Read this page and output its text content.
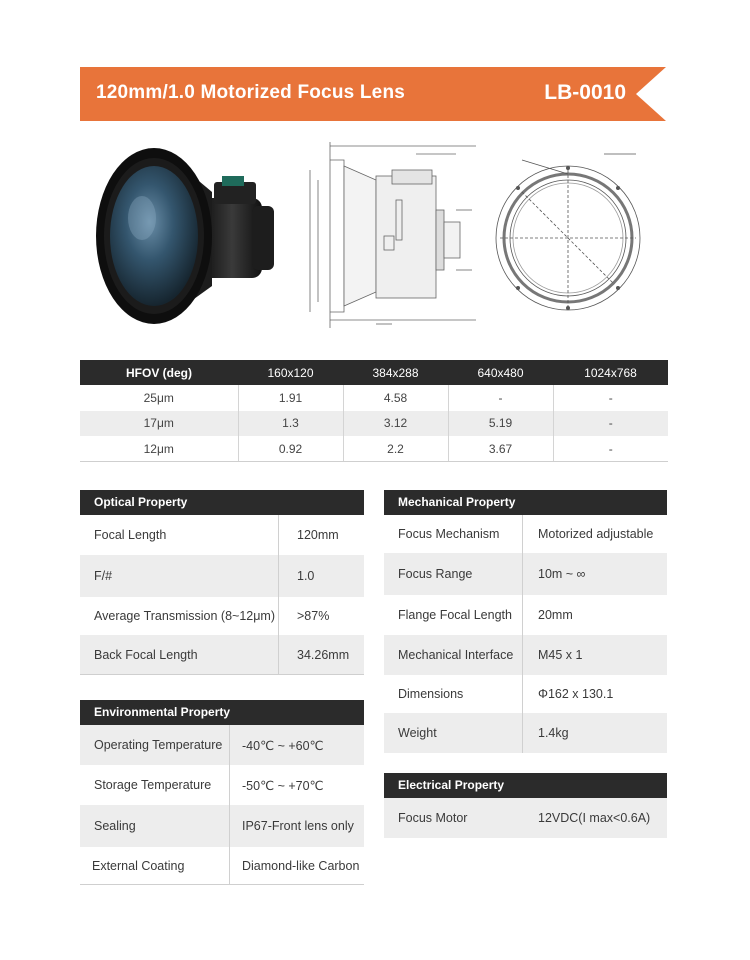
120mm/1.0 Motorized Focus Lens	LB-0010
HFOV (deg)	160x120	384x288	640x480	1024x768
25μm	1.91	4.58	-	-
17μm	1.3	3.12	5.19	-
12μm	0.92	2.2	3.67	-
Optical Property
Focal Length	120mm
F/#	1.0
Average Transmission (8~12μm)	>87%
Back Focal Length	34.26mm
Environmental Property
Operating Temperature	-40℃ ~ +60℃
Storage Temperature	-50℃ ~ +70℃
Sealing	IP67-Front lens only
External Coating	Diamond-like Carbon
Mechanical Property
Focus Mechanism	Motorized adjustable
Focus Range	10m ~ ∞
Flange Focal Length	20mm
Mechanical Interface	M45 x 1
Dimensions	Φ162 x 130.1
Weight	1.4kg
Electrical Property
Focus Motor	12VDC(I max<0.6A)
